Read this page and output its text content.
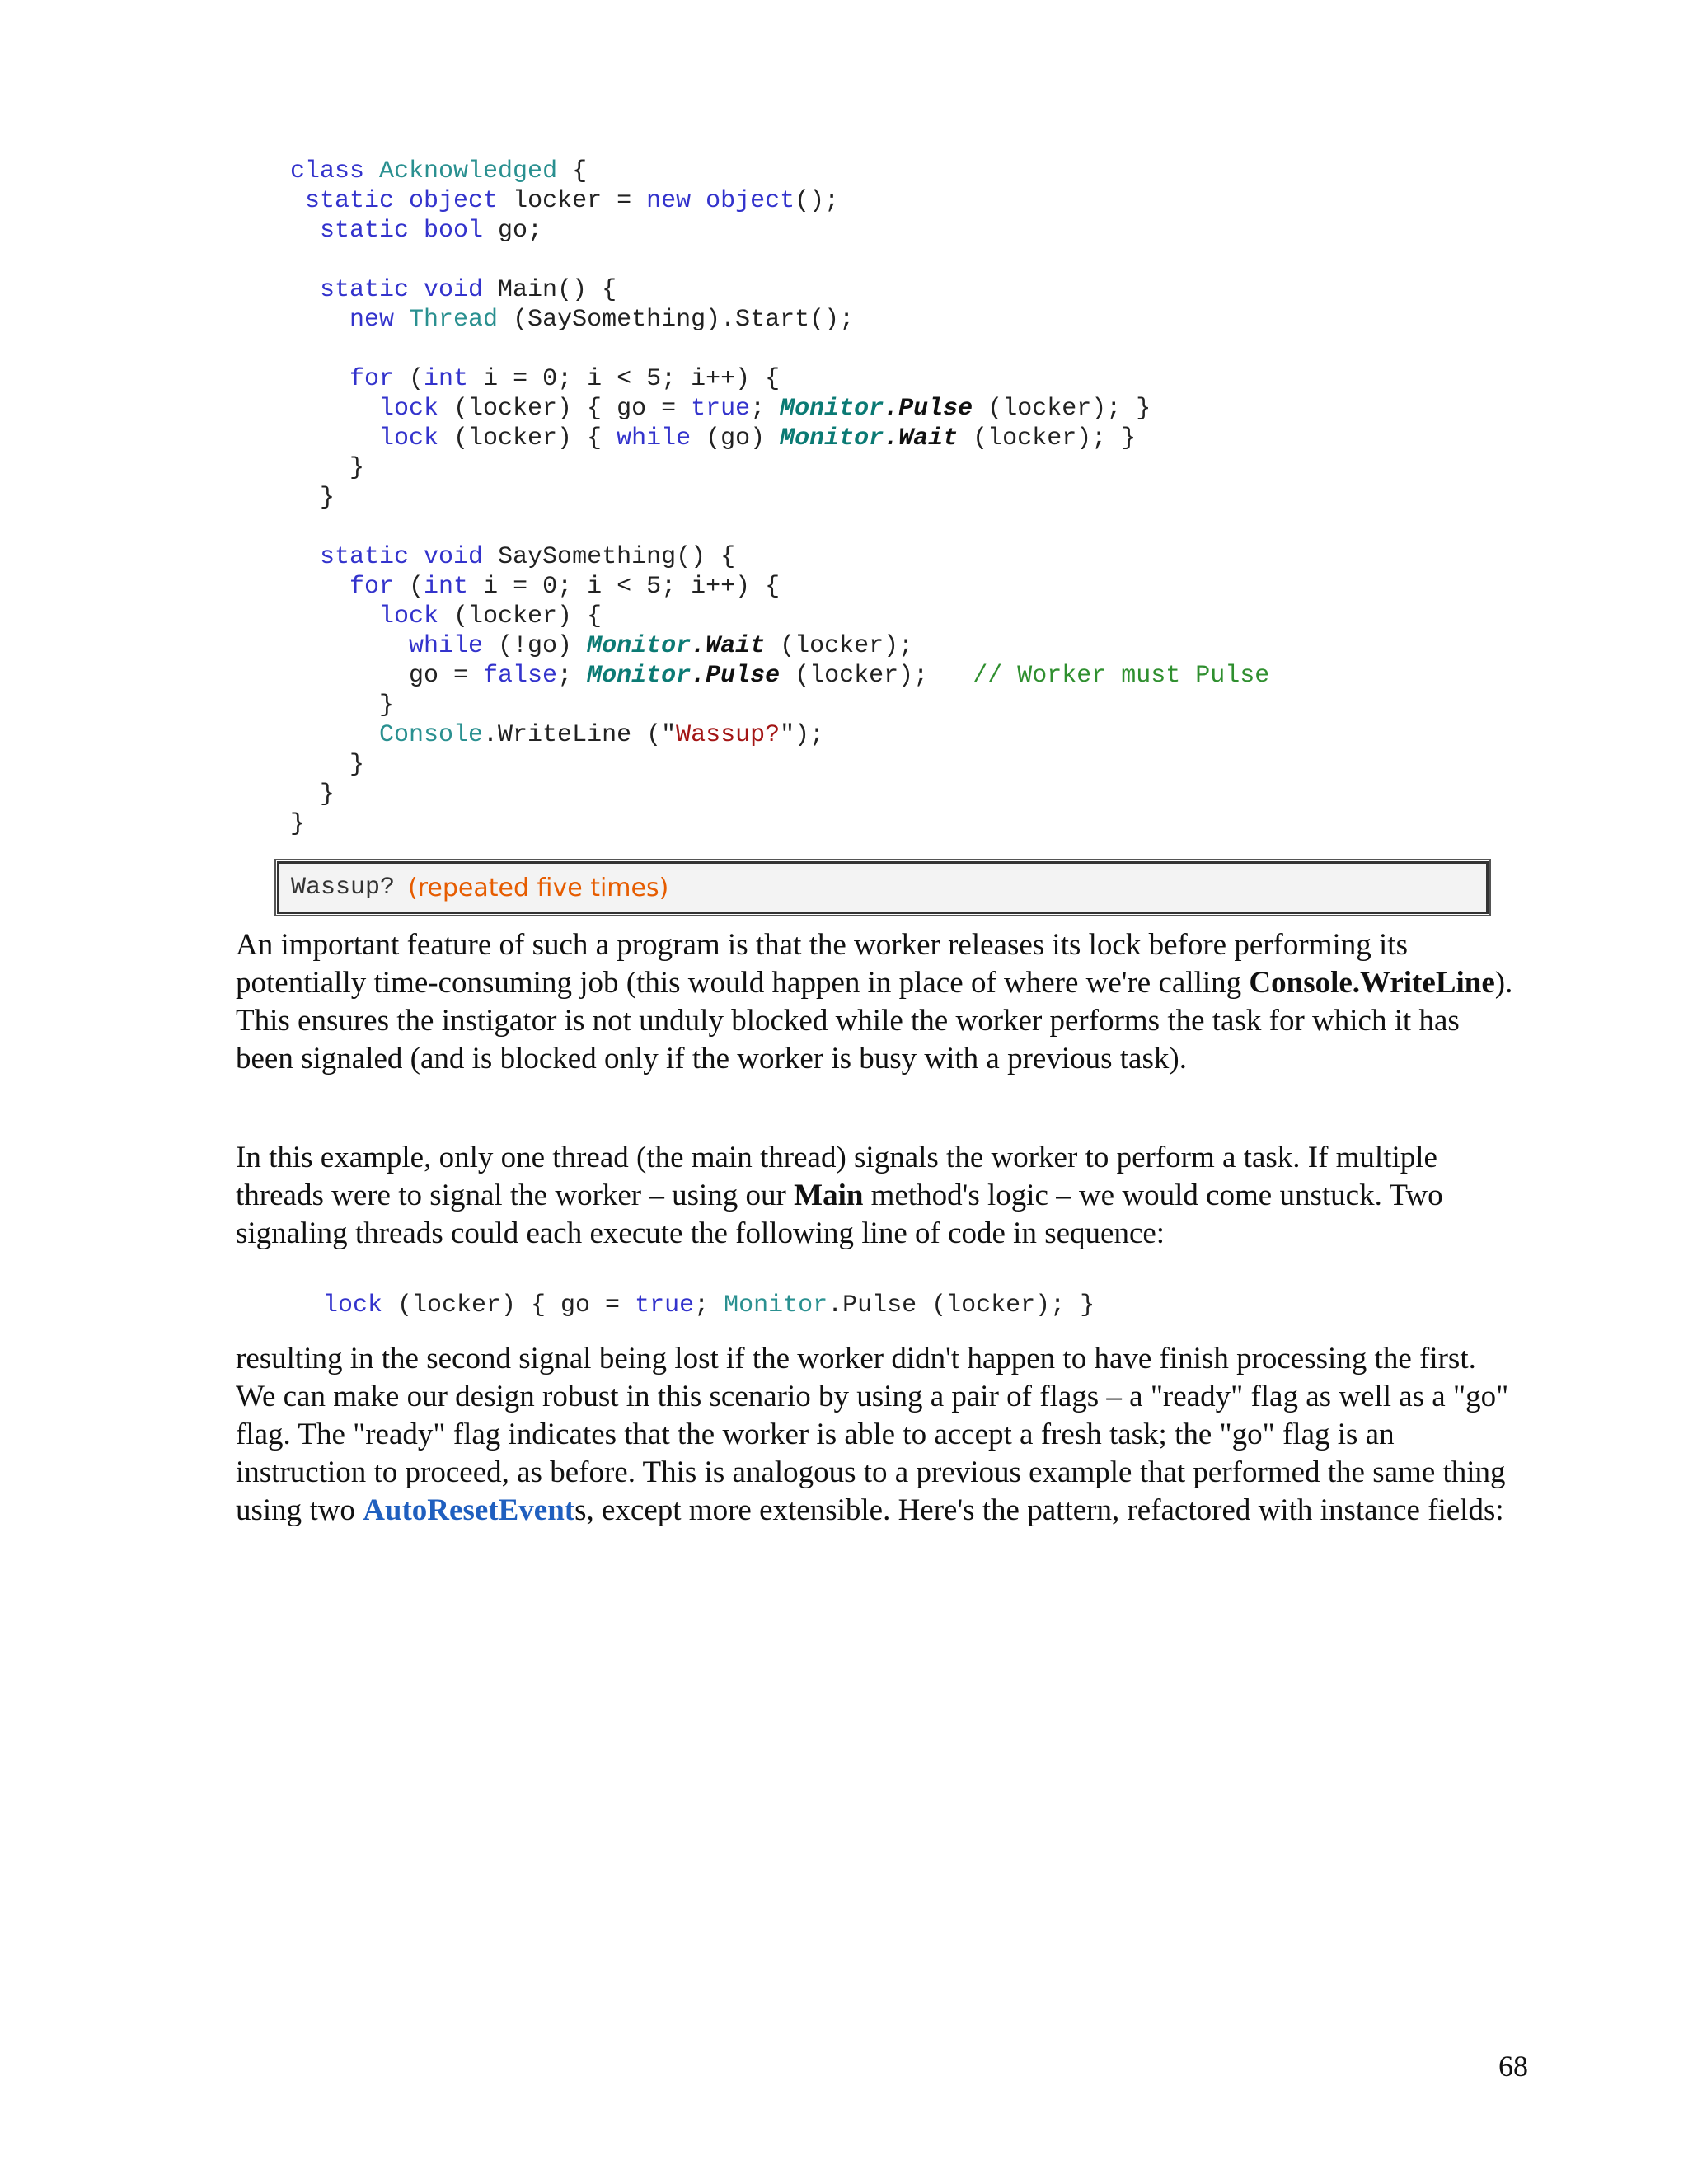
class Acknowledged {
static object locker = new object();
static bool go;
static void Main() {
new Thread (SaySomething).Start();
for (int i = 0; i < 5; i++) {
lock (locker) { go = true; Monitor.Pulse (locker); }
lock (locker) { while (go) Monitor.Wait (locker); }
}
}
static void SaySomething() {
for (int i = 0; i < 5; i++) {
lock (locker) {
while (!go) Monitor.Wait (locker);
go = false; Monitor.Pulse (locker);   // Worker must Pulse
}
Console.WriteLine ("Wassup?");
}
}
}
Wassup? (repeated five times)

An important feature of such a program is that the worker releases its lock before performing its potentially time-consuming job (this would happen in place of where we're calling Console.WriteLine). This ensures the instigator is not unduly blocked while the worker performs the task for which it has been signaled (and is blocked only if the worker is busy with a previous task).

In this example, only one thread (the main thread) signals the worker to perform a task. If multiple threads were to signal the worker – using our Main method's logic – we would come unstuck. Two signaling threads could each execute the following line of code in sequence:

lock (locker) { go = true; Monitor.Pulse (locker); }

resulting in the second signal being lost if the worker didn't happen to have finish processing the first. We can make our design robust in this scenario by using a pair of flags – a "ready" flag as well as a "go" flag. The "ready" flag indicates that the worker is able to accept a fresh task; the "go" flag is an instruction to proceed, as before. This is analogous to a previous example that performed the same thing using two AutoResetEvents, except more extensible. Here's the pattern, refactored with instance fields:

68
